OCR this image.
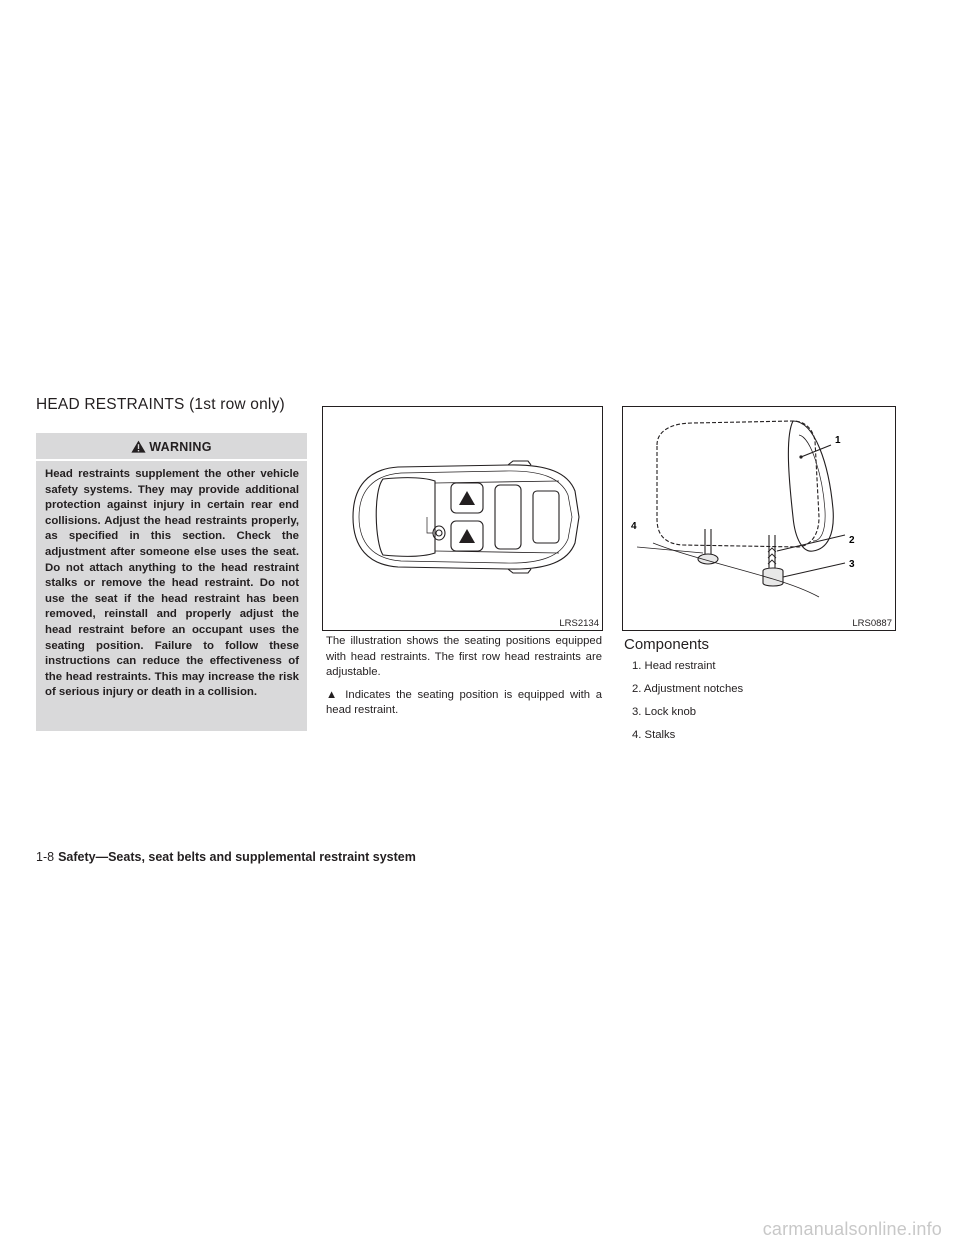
HEAD RESTRAINTS (1st row only)
WARNING
Head restraints supplement the other vehicle safety systems. They may provide additional protection against injury in certain rear end collisions. Adjust the head restraints properly, as specified in this section. Check the adjustment after someone else uses the seat. Do not attach anything to the head restraint stalks or remove the head restraint. Do not use the seat if the head restraint has been removed, reinstall and properly adjust the head restraint before an occupant uses the seating position. Failure to follow these instructions can reduce the effectiveness of the head restraints. This may increase the risk of serious injury or death in a collision.
LRS2134
1
2
3
4
LRS0887

The illustration shows the seating positions equipped with head restraints. The first row head restraints are adjustable.

▲ Indicates the seating position is equipped with a head restraint.

Components
1. Head restraint
2. Adjustment notches
3. Lock knob
4. Stalks
1-8 Safety—Seats, seat belts and supplemental restraint system
carmanualsonline.info
